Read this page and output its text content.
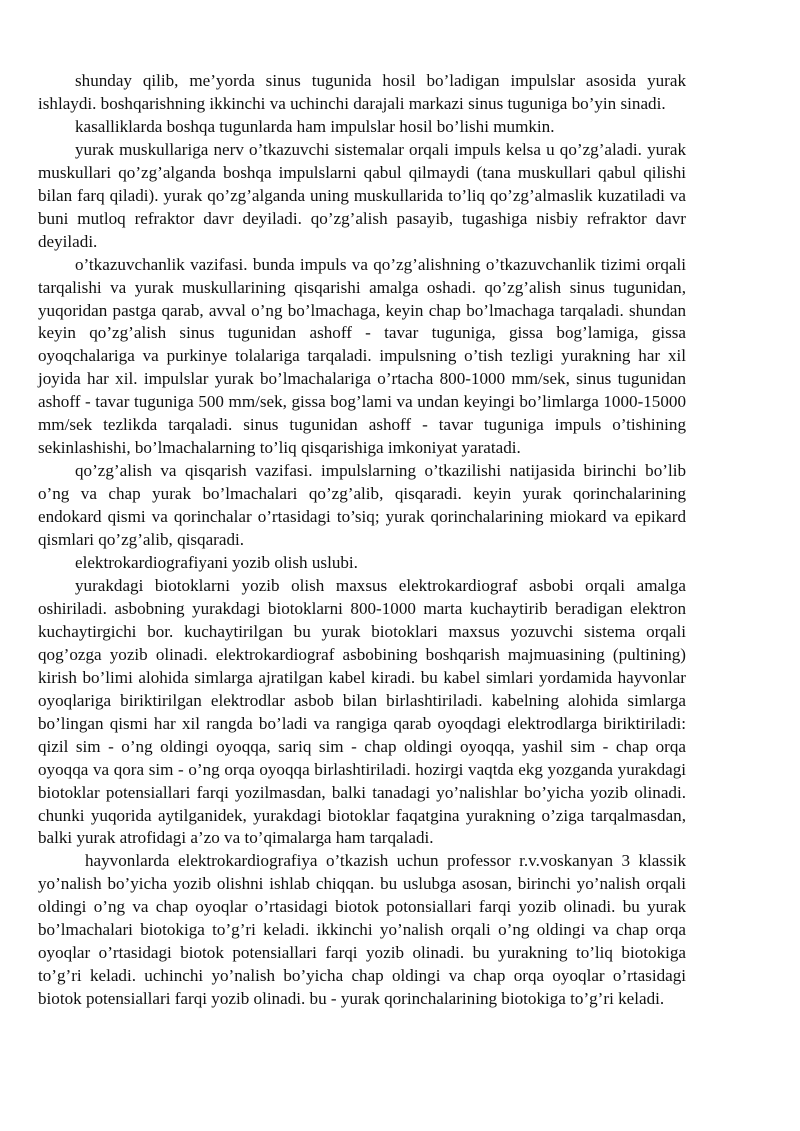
shunday qilib, me’yorda sinus tugunida hosil bo’ladigan impulslar asosida yurak ishlaydi. boshqarishning ikkinchi va uchinchi darajali markazi sinus tuguniga bo’yin sinadi.

kasalliklarda boshqa tugunlarda ham impulslar hosil bo’lishi mumkin.

yurak muskullariga nerv o’tkazuvchi sistemalar orqali impuls kelsa u qo’zg’aladi. yurak muskullari qo’zg’alganda boshqa impulslarni qabul qilmaydi (tana muskullari qabul qilishi bilan farq qiladi). yurak qo’zg’alganda uning muskullarida to’liq qo’zg’almaslik kuzatiladi va buni mutloq refraktor davr deyiladi. qo’zg’alish pasayib, tugashiga nisbiy refraktor davr deyiladi.

o’tkazuvchanlik vazifasi. bunda impuls va qo’zg’alishning o’tkazuvchanlik tizimi orqali tarqalishi va yurak muskullarining qisqarishi amalga oshadi. qo’zg’alish sinus tugunidan, yuqoridan pastga qarab, avval o’ng bo’lmachaga, keyin chap bo’lmachaga tarqaladi. shundan keyin qo’zg’alish sinus tugunidan ashoff - tavar tuguniga, gissa bog’lamiga, gissa oyoqchalariga va purkinye tolalariga tarqaladi. impulsning o’tish tezligi yurakning har xil joyida har xil. impulslar yurak bo’lmachalariga o’rtacha 800-1000 mm/sek, sinus tugunidan ashoff - tavar tuguniga 500 mm/sek, gissa bog’lami va undan keyingi bo’limlarga 1000-15000 mm/sek tezlikda tarqaladi. sinus tugunidan ashoff - tavar tuguniga impuls o’tishining sekinlashishi, bo’lmachalarning to’liq qisqarishiga imkoniyat yaratadi.

qo’zg’alish va qisqarish vazifasi. impulslarning o’tkazilishi natijasida birinchi bo’lib o’ng va chap yurak bo’lmachalari qo’zg’alib, qisqaradi. keyin yurak qorinchalarining endokard qismi va qorinchalar o’rtasidagi to’siq; yurak qorinchalarining miokard va epikard qismlari qo’zg’alib, qisqaradi.

elektrokardiografiyani yozib olish uslubi.

yurakdagi biotoklarni yozib olish maxsus elektrokardiograf asbobi orqali amalga oshiriladi. asbobning yurakdagi biotoklarni 800-1000 marta kuchaytirib beradigan elektron kuchaytirgichi bor. kuchaytirilgan bu yurak biotoklari maxsus yozuvchi sistema orqali qog’ozga yozib olinadi. elektrokardiograf asbobining boshqarish majmuasining (pultining) kirish bo’limi alohida simlarga ajratilgan kabel kiradi. bu kabel simlari yordamida hayvonlar oyoqlariga biriktirilgan elektrodlar asbob bilan birlashtiriladi. kabelning alohida simlarga bo’lingan qismi har xil rangda bo’ladi va rangiga qarab oyoqdagi elektrodlarga biriktiriladi: qizil sim - o’ng oldingi oyoqqa, sariq sim - chap oldingi oyoqqa, yashil sim - chap orqa oyoqqa va qora sim - o’ng orqa oyoqqa birlashtiriladi. hozirgi vaqtda ekg yozganda yurakdagi biotoklar potensiallari farqi yozilmasdan, balki tanadagi yo’nalishlar bo’yicha yozib olinadi. chunki yuqorida aytilganidek, yurakdagi biotoklar faqatgina yurakning o’ziga tarqalmasdan, balki yurak atrofidagi a’zo va to’qimalarga ham tarqaladi.

hayvonlarda elektrokardiografiya o’tkazish uchun professor r.v.voskanyan 3 klassik yo’nalish bo’yicha yozib olishni ishlab chiqqan. bu uslubga asosan, birinchi yo’nalish orqali oldingi o’ng va chap oyoqlar o’rtasidagi biotok potonsiallari farqi yozib olinadi. bu yurak bo’lmachalari biotokiga to’g’ri keladi. ikkinchi yo’nalish orqali o’ng oldingi va chap orqa oyoqlar o’rtasidagi biotok potensiallari farqi yozib olinadi. bu yurakning to’liq biotokiga to’g’ri keladi. uchinchi yo’nalish bo’yicha chap oldingi va chap orqa oyoqlar o’rtasidagi biotok potensiallari farqi yozib olinadi. bu - yurak qorinchalarining biotokiga to’g’ri keladi.
